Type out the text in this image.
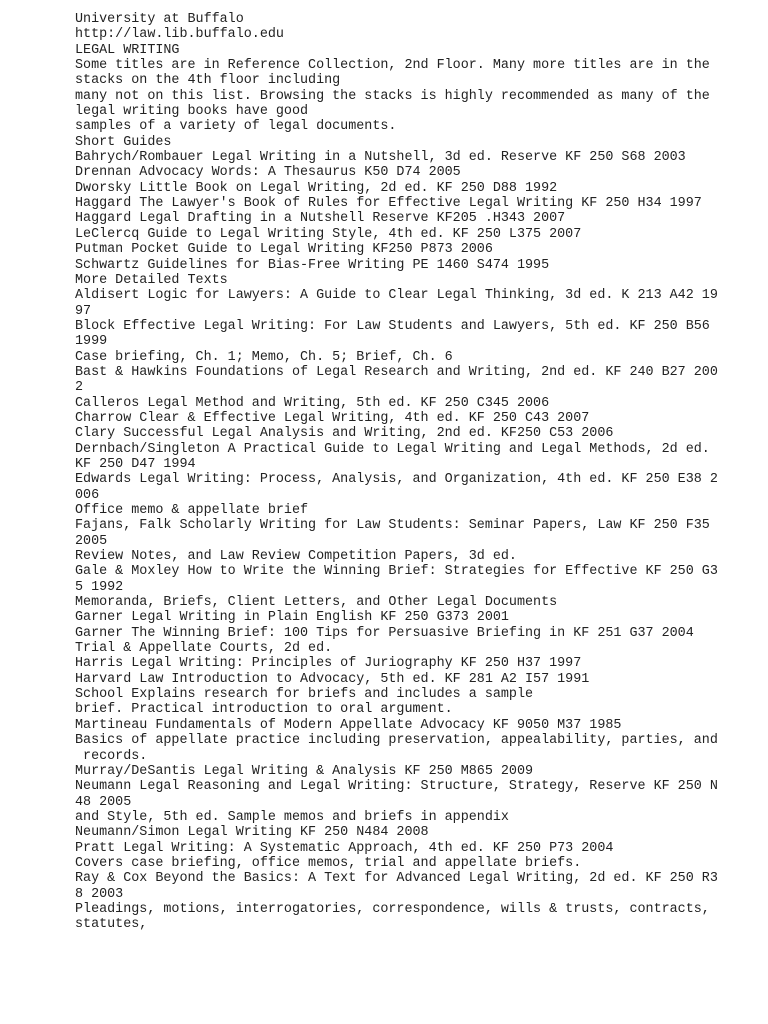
University at Buffalo
http://law.lib.buffalo.edu
LEGAL WRITING
Some titles are in Reference Collection, 2nd Floor. Many more titles are in the
stacks on the 4th floor including
many not on this list. Browsing the stacks is highly recommended as many of the
legal writing books have good
samples of a variety of legal documents.
Short Guides
Bahrych/Rombauer Legal Writing in a Nutshell, 3d ed. Reserve KF 250 S68 2003
Drennan Advocacy Words: A Thesaurus K50 D74 2005
Dworsky Little Book on Legal Writing, 2d ed. KF 250 D88 1992
Haggard The Lawyer's Book of Rules for Effective Legal Writing KF 250 H34 1997
Haggard Legal Drafting in a Nutshell Reserve KF205 .H343 2007
LeClercq Guide to Legal Writing Style, 4th ed. KF 250 L375 2007
Putman Pocket Guide to Legal Writing KF250 P873 2006
Schwartz Guidelines for Bias-Free Writing PE 1460 S474 1995
More Detailed Texts
Aldisert Logic for Lawyers: A Guide to Clear Legal Thinking, 3d ed. K 213 A42 19
97
Block Effective Legal Writing: For Law Students and Lawyers, 5th ed. KF 250 B56
1999
Case briefing, Ch. 1; Memo, Ch. 5; Brief, Ch. 6
Bast & Hawkins Foundations of Legal Research and Writing, 2nd ed. KF 240 B27 200
2
Calleros Legal Method and Writing, 5th ed. KF 250 C345 2006
Charrow Clear & Effective Legal Writing, 4th ed. KF 250 C43 2007
Clary Successful Legal Analysis and Writing, 2nd ed. KF250 C53 2006
Dernbach/Singleton A Practical Guide to Legal Writing and Legal Methods, 2d ed.
KF 250 D47 1994
Edwards Legal Writing: Process, Analysis, and Organization, 4th ed. KF 250 E38 2
006
Office memo & appellate brief
Fajans, Falk Scholarly Writing for Law Students: Seminar Papers, Law KF 250 F35
2005
Review Notes, and Law Review Competition Papers, 3d ed.
Gale & Moxley How to Write the Winning Brief: Strategies for Effective KF 250 G3
5 1992
Memoranda, Briefs, Client Letters, and Other Legal Documents
Garner Legal Writing in Plain English KF 250 G373 2001
Garner The Winning Brief: 100 Tips for Persuasive Briefing in KF 251 G37 2004
Trial & Appellate Courts, 2d ed.
Harris Legal Writing: Principles of Juriography KF 250 H37 1997
Harvard Law Introduction to Advocacy, 5th ed. KF 281 A2 I57 1991
School Explains research for briefs and includes a sample
brief. Practical introduction to oral argument.
Martineau Fundamentals of Modern Appellate Advocacy KF 9050 M37 1985
Basics of appellate practice including preservation, appealability, parties, and
records.
Murray/DeSantis Legal Writing & Analysis KF 250 M865 2009
Neumann Legal Reasoning and Legal Writing: Structure, Strategy, Reserve KF 250 N
48 2005
and Style, 5th ed. Sample memos and briefs in appendix
Neumann/Simon Legal Writing KF 250 N484 2008
Pratt Legal Writing: A Systematic Approach, 4th ed. KF 250 P73 2004
Covers case briefing, office memos, trial and appellate briefs.
Ray & Cox Beyond the Basics: A Text for Advanced Legal Writing, 2d ed. KF 250 R3
8 2003
Pleadings, motions, interrogatories, correspondence, wills & trusts, contracts,
statutes,
